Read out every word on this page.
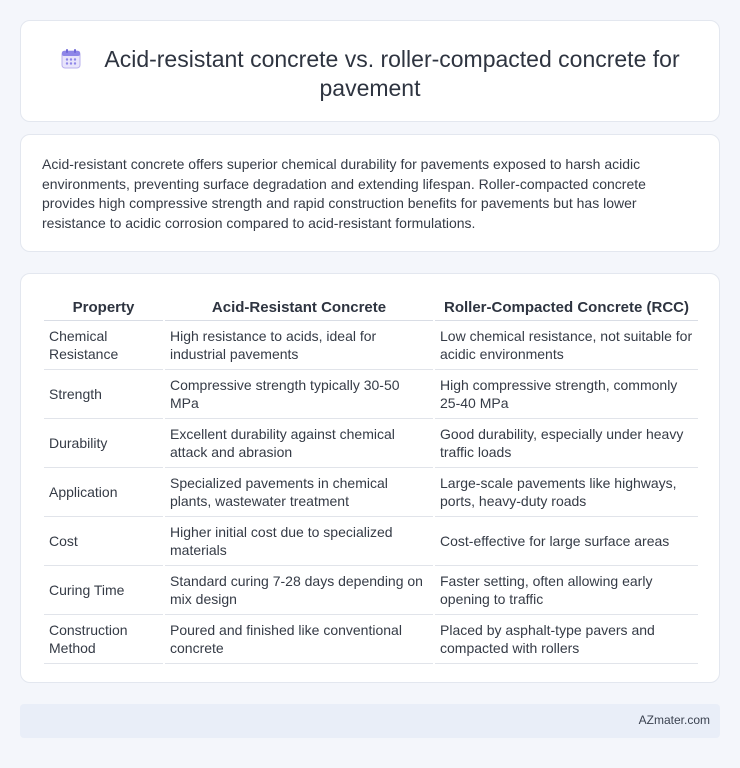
Acid-resistant concrete vs. roller-compacted concrete for pavement

Acid-resistant concrete offers superior chemical durability for pavements exposed to harsh acidic environments, preventing surface degradation and extending lifespan. Roller-compacted concrete provides high compressive strength and rapid construction benefits for pavements but has lower resistance to acidic corrosion compared to acid-resistant formulations.

Property	Acid-Resistant Concrete	Roller-Compacted Concrete (RCC)
Chemical Resistance	High resistance to acids, ideal for industrial pavements	Low chemical resistance, not suitable for acidic environments
Strength	Compressive strength typically 30-50 MPa	High compressive strength, commonly 25-40 MPa
Durability	Excellent durability against chemical attack and abrasion	Good durability, especially under heavy traffic loads
Application	Specialized pavements in chemical plants, wastewater treatment	Large-scale pavements like highways, ports, heavy-duty roads
Cost	Higher initial cost due to specialized materials	Cost-effective for large surface areas
Curing Time	Standard curing 7-28 days depending on mix design	Faster setting, often allowing early opening to traffic
Construction Method	Poured and finished like conventional concrete	Placed by asphalt-type pavers and compacted with rollers
AZmater.com
